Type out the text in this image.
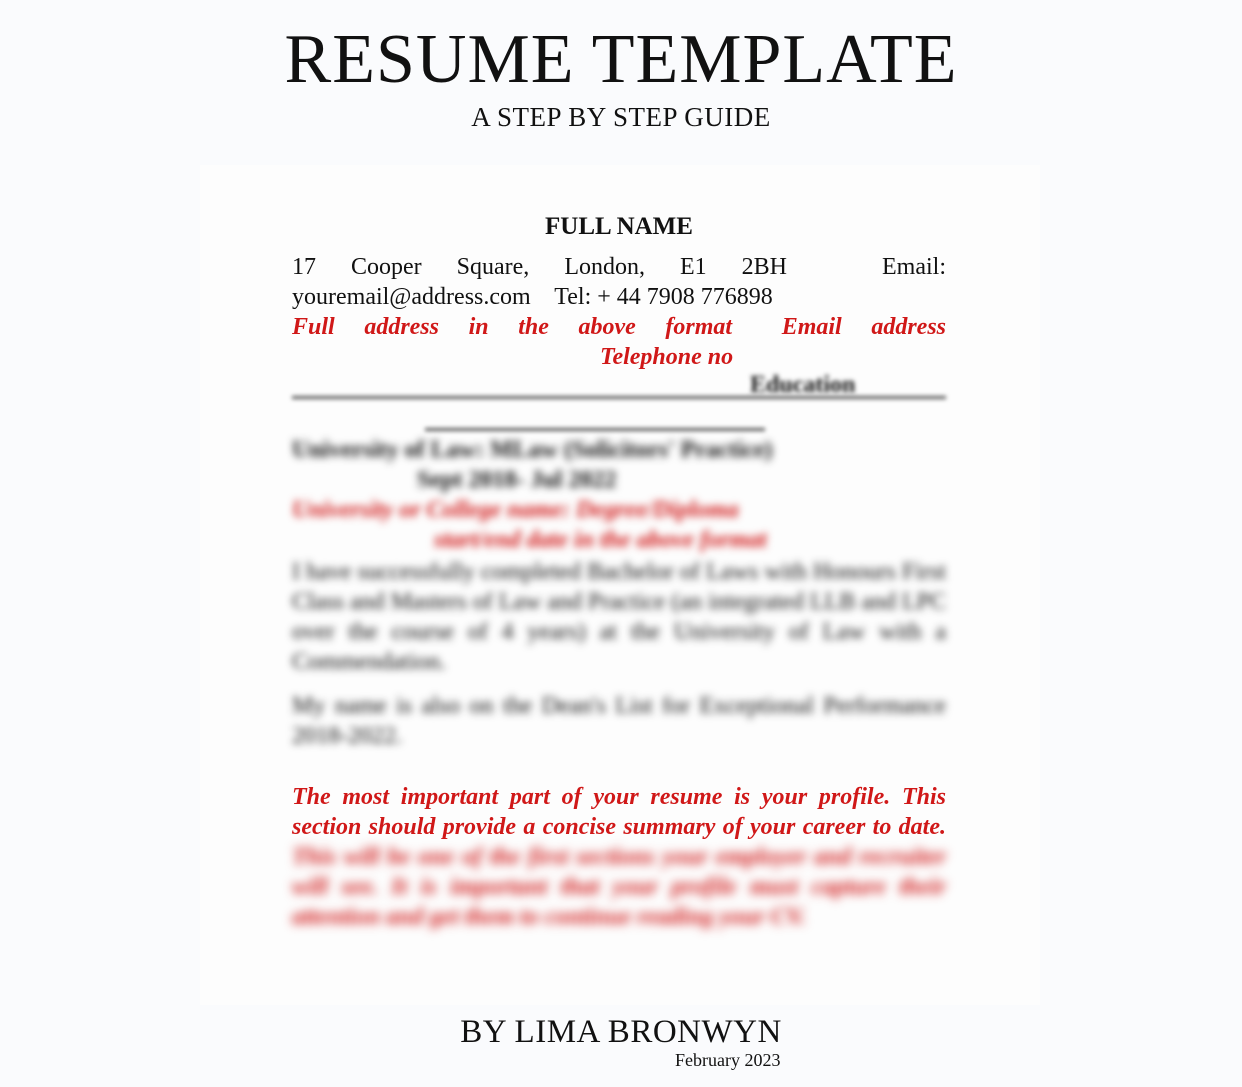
RESUME TEMPLATE
A STEP BY STEP GUIDE
FULL NAME
17 Cooper Square, London, E1 2BH	Email:
youremail@address.com    Tel: + 44 7908 776898
Full address in the above format Email address
Telephone no
Education
University of Law: MLaw (Solicitors' Practice)
Sept 2018- Jul 2022
University or College name: Degree/Diploma
start/end date in the above format
I have successfully completed Bachelor of Laws with Honours First Class and Masters of Law and Practice (an integrated LLB and LPC over the course of 4 years) at the University of Law with a Commendation.
My name is also on the Dean's List for Exceptional Performance 2018-2022.
The most important part of your resume is your profile. This section should provide a concise summary of your career to date. This will be one of the first sections your employer and recruiter will see. It is important that your profile must capture their attention and get them to continue reading your CV.
BY LIMA BRONWYN
February 2023
